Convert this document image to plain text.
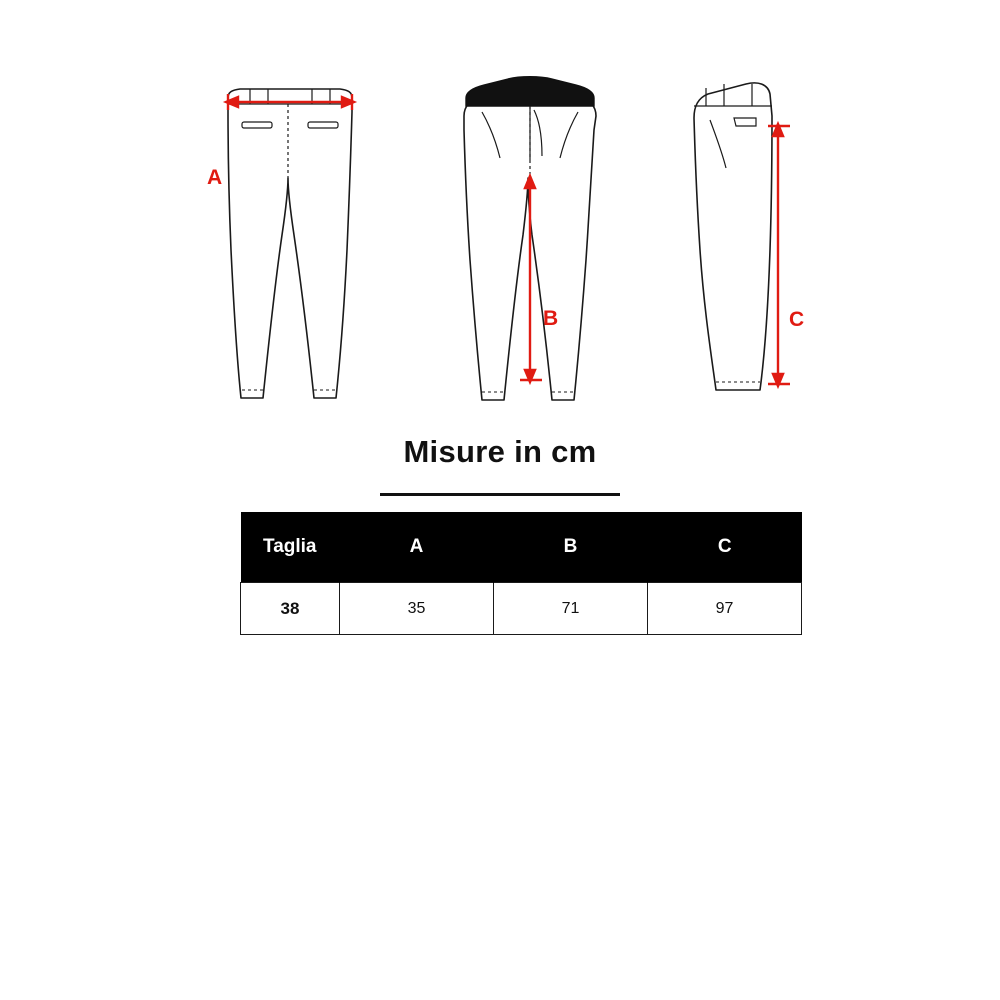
A
B	C
Misure in cm
Taglia	A	B	C
38	35	71	97
